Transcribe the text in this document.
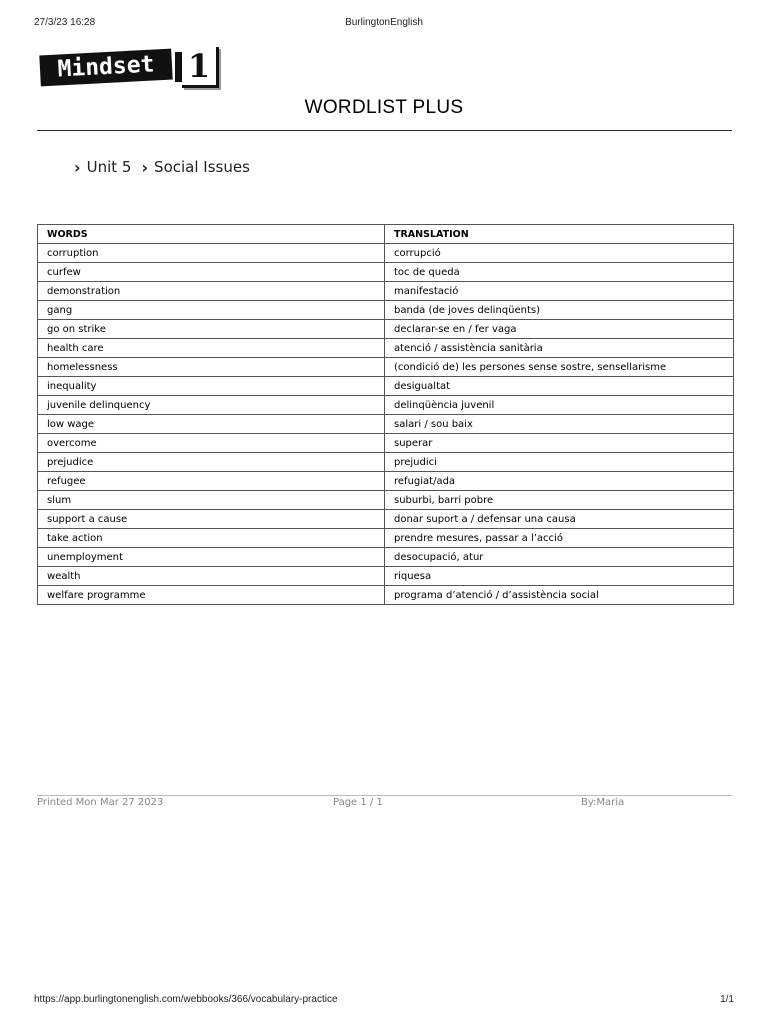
27/3/23 16:28	BurlingtonEnglish
Mindset	1
WORDLIST PLUS
› Unit 5 › Social Issues
WORDS	TRANSLATION
corruption	corrupció
curfew	toc de queda
demonstration	manifestació
gang	banda (de joves delinqüents)
go on strike	declarar-se en / fer vaga
health care	atenció / assistència sanitària
homelessness	(condició de) les persones sense sostre, sensellarisme
inequality	desigualtat
juvenile delinquency	delinqüència juvenil
low wage	salari / sou baix
overcome	superar
prejudice	prejudici
refugee	refugiat/ada
slum	suburbi, barri pobre
support a cause	donar suport a / defensar una causa
take action	prendre mesures, passar a l’acció
unemployment	desocupació, atur
wealth	riquesa
welfare programme	programa d’atenció / d’assistència social
Printed Mon Mar 27 2023	Page 1 / 1	By:Maria
https://app.burlingtonenglish.com/webbooks/366/vocabulary-practice	1/1
